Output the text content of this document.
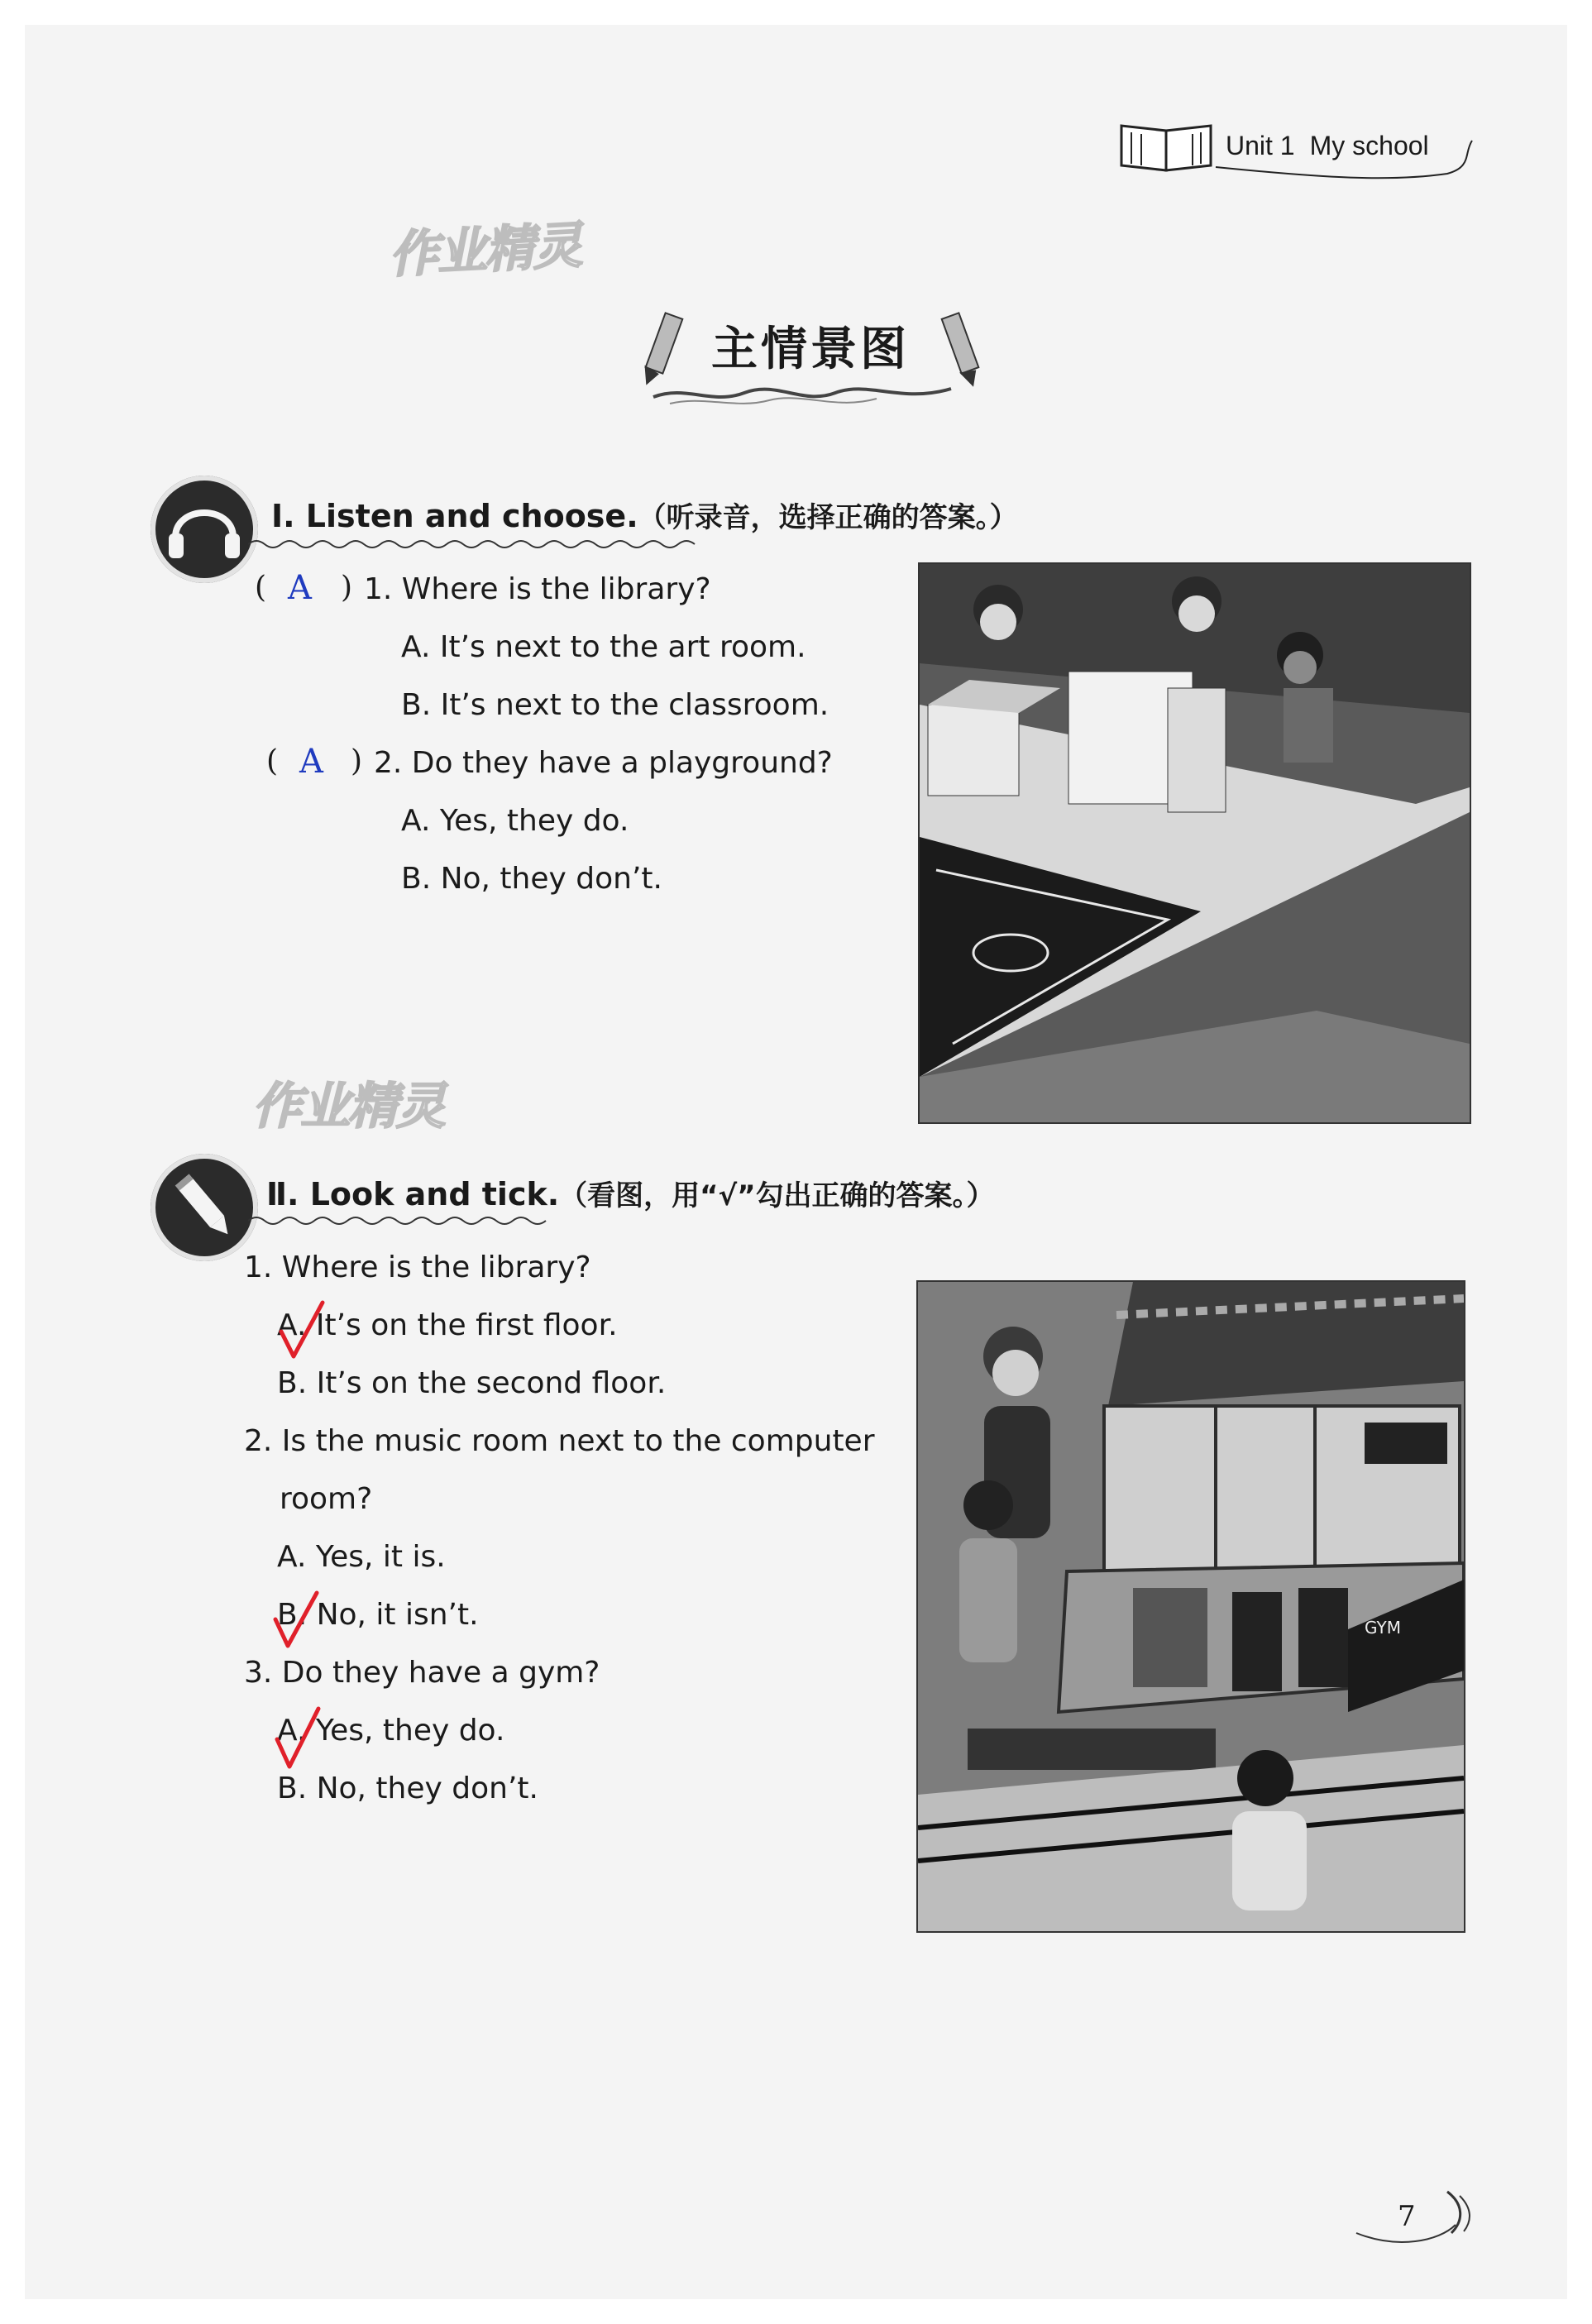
Unit 1 My school
作业精灵
作业精灵
主情景图
Ⅰ. Listen and choose.（听录音，选择正确的答案。）
( A ) 1. Where is the library?
A. It’s next to the art room.
B. It’s next to the classroom.
( A ) 2. Do they have a playground?
A. Yes, they do.
B. No, they don’t.
Ⅱ. Look and tick.（看图，用“√”勾出正确的答案。）
1. Where is the library?
A. It’s on the first floor.
B. It’s on the second floor.
2. Is the music room next to the computer
room?
A. Yes, it is.
B. No, it isn’t.
3. Do they have a gym?
A. Yes, they do.
B. No, they don’t.
GYM
7
